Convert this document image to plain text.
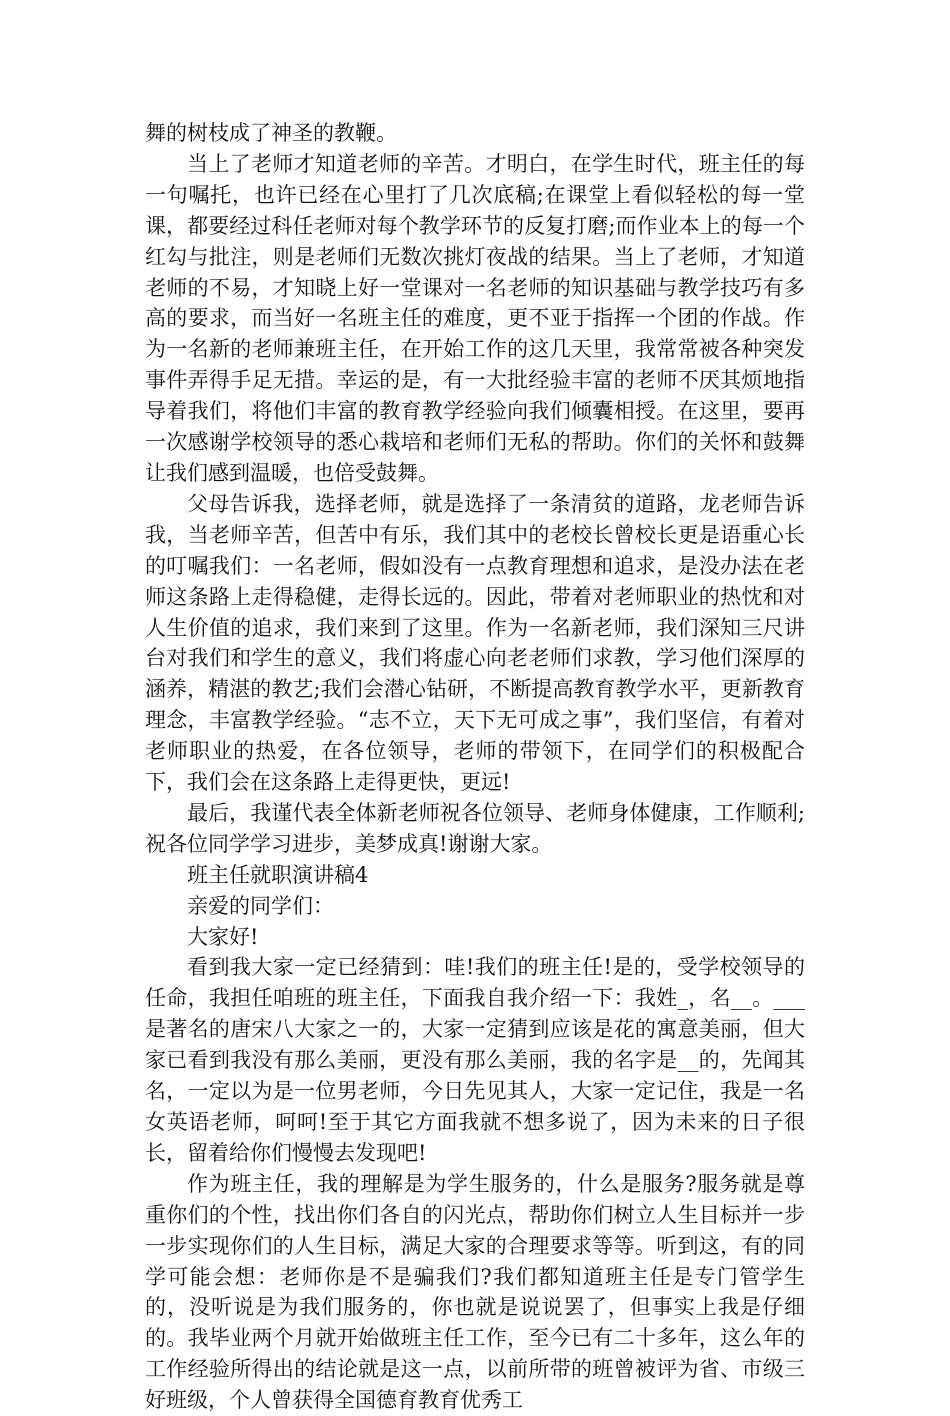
舞的树枝成了神圣的教鞭。

当上了老师才知道老师的辛苦。才明白，在学生时代，班主任的每一句嘱托，也许已经在心里打了几次底稿;在课堂上看似轻松的每一堂课，都要经过科任老师对每个教学环节的反复打磨;而作业本上的每一个红勾与批注，则是老师们无数次挑灯夜战的结果。当上了老师，才知道老师的不易，才知晓上好一堂课对一名老师的知识基础与教学技巧有多高的要求，而当好一名班主任的难度，更不亚于指挥一个团的作战。作为一名新的老师兼班主任，在开始工作的这几天里，我常常被各种突发事件弄得手足无措。幸运的是，有一大批经验丰富的老师不厌其烦地指导着我们，将他们丰富的教育教学经验向我们倾囊相授。在这里，要再一次感谢学校领导的悉心栽培和老师们无私的帮助。你们的关怀和鼓舞让我们感到温暖，也倍受鼓舞。

父母告诉我，选择老师，就是选择了一条清贫的道路，龙老师告诉我，当老师辛苦，但苦中有乐，我们其中的老校长曾校长更是语重心长的叮嘱我们：一名老师，假如没有一点教育理想和追求，是没办法在老师这条路上走得稳健，走得长远的。因此，带着对老师职业的热忱和对人生价值的追求，我们来到了这里。作为一名新老师，我们深知三尺讲台对我们和学生的意义，我们将虚心向老老师们求教，学习他们深厚的涵养，精湛的教艺;我们会潜心钻研，不断提高教育教学水平，更新教育理念，丰富教学经验。“志不立，天下无可成之事”，我们坚信，有着对老师职业的热爱，在各位领导，老师的带领下，在同学们的积极配合下，我们会在这条路上走得更快，更远!

最后，我谨代表全体新老师祝各位领导、老师身体健康，工作顺利;祝各位同学学习进步，美梦成真!谢谢大家。

班主任就职演讲稿4

亲爱的同学们：

大家好!

看到我大家一定已经猜到：哇!我们的班主任!是的，受学校领导的任命，我担任咱班的班主任，下面我自我介绍一下：我姓_，名__。___是著名的唐宋八大家之一的，大家一定猜到应该是花的寓意美丽，但大家已看到我没有那么美丽，更没有那么美丽，我的名字是__的，先闻其名，一定以为是一位男老师，今日先见其人，大家一定记住，我是一名女英语老师，呵呵!至于其它方面我就不想多说了，因为未来的日子很长，留着给你们慢慢去发现吧!

作为班主任，我的理解是为学生服务的，什么是服务?服务就是尊重你们的个性，找出你们各自的闪光点，帮助你们树立人生目标并一步一步实现你们的人生目标，满足大家的合理要求等等。听到这，有的同学可能会想：老师你是不是骗我们?我们都知道班主任是专门管学生的，没听说是为我们服务的，你也就是说说罢了，但事实上我是仔细的。我毕业两个月就开始做班主任工作，至今已有二十多年，这么年的工作经验所得出的结论就是这一点，以前所带的班曾被评为省、市级三好班级，个人曾获得全国德育教育优秀工
